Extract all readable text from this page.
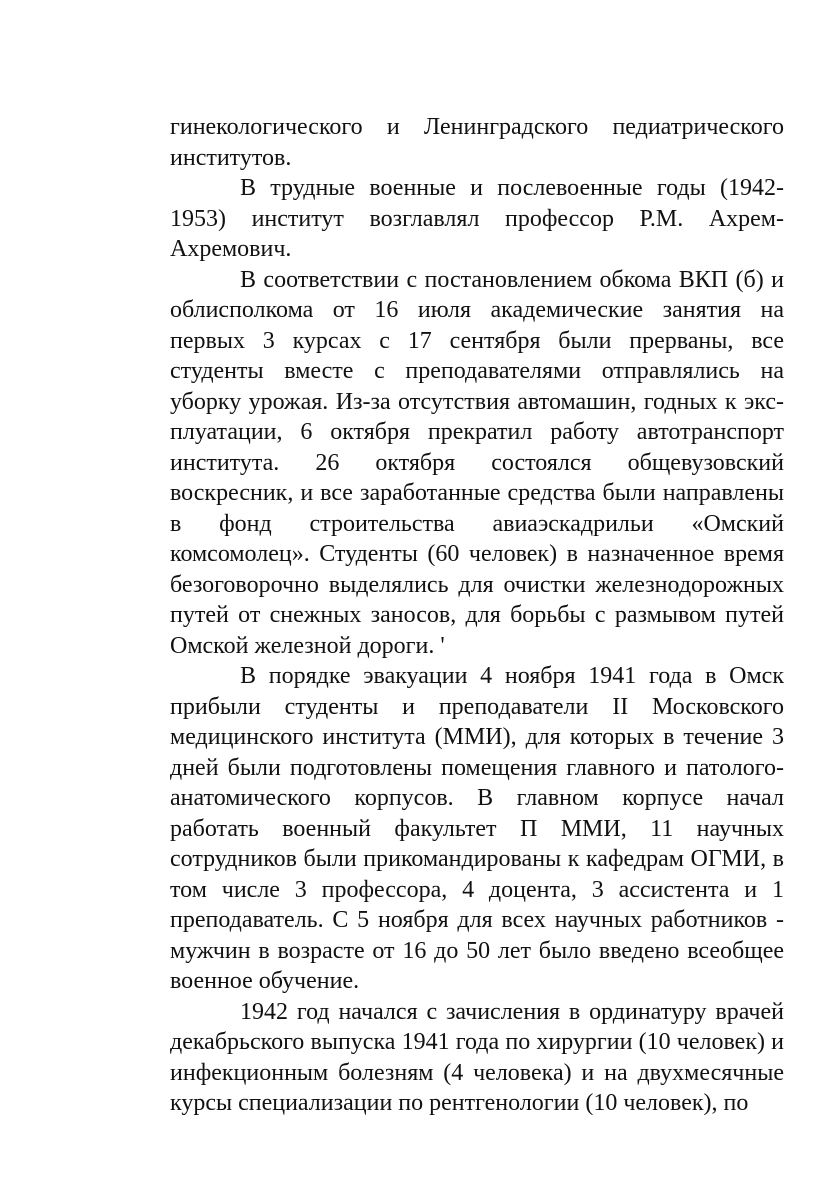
гинекологического и Ленинградского педиатрического институтов.

В трудные военные и послевоенные годы (1942-1953) институт возглавлял профессор Р.М. Ахрем-Ахремович.

В соответствии с постановлением обкома ВКП (б) и облисполкома от 16 июля академические занятия на первых 3 курсах с 17 сентября были прерваны, все студенты вместе с преподавателями отправлялись на уборку урожая. Из-за отсутствия автомашин, годных к эксплуатации, 6 октября прекратил работу автотранспорт института. 26 октября состоялся общевузовский воскресник, и все заработанные средства были направлены в фонд строительства авиаэскадрильи «Омский комсомолец». Студенты (60 человек) в назначенное время безоговорочно выделялись для очистки железнодорожных путей от снежных заносов, для борьбы с размывом путей Омской железной дороги. '

В порядке эвакуации 4 ноября 1941 года в Омск прибыли студенты и преподаватели II Московского медицинского института (ММИ), для которых в течение 3 дней были подготовлены помещения главного и патологоанатомического корпусов. В главном корпусе начал работать военный факультет П ММИ, 11 научных сотрудников были прикомандированы к кафедрам ОГМИ, в том числе 3 профессора, 4 доцента, 3 ассистента и 1 преподаватель. С 5 ноября для всех научных работников - мужчин в возрасте от 16 до 50 лет было введено всеобщее военное обучение.

1942 год начался с зачисления в ординатуру врачей декабрьского выпуска 1941 года по хирургии (10 человек) и инфекционным болезням (4 человека) и на двухмесячные курсы специализации по рентгенологии (10 человек), по
